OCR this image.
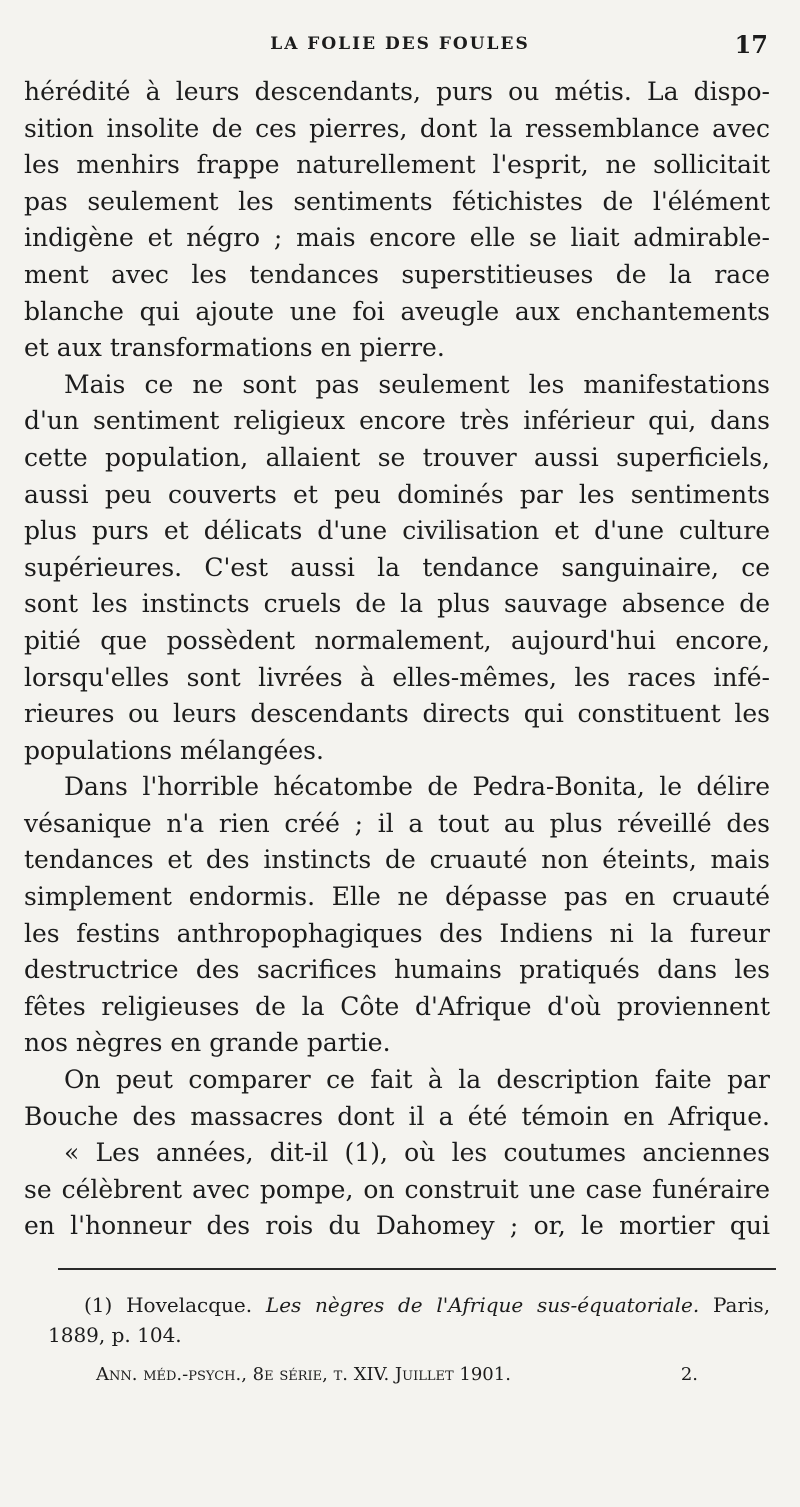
LA FOLIE DES FOULES	17
hérédité à leurs descendants, purs ou métis. La dispo-
sition insolite de ces pierres, dont la ressemblance avec
les menhirs frappe naturellement l'esprit, ne sollicitait
pas seulement les sentiments fétichistes de l'élément
indigène et négro ; mais encore elle se liait admirable-
ment avec les tendances superstitieuses de la race
blanche qui ajoute une foi aveugle aux enchantements
et aux transformations en pierre.
Mais ce ne sont pas seulement les manifestations
d'un sentiment religieux encore très inférieur qui, dans
cette population, allaient se trouver aussi superficiels,
aussi peu couverts et peu dominés par les sentiments
plus purs et délicats d'une civilisation et d'une culture
supérieures. C'est aussi la tendance sanguinaire, ce
sont les instincts cruels de la plus sauvage absence de
pitié que possèdent normalement, aujourd'hui encore,
lorsqu'elles sont livrées à elles-mêmes, les races infé-
rieures ou leurs descendants directs qui constituent les
populations mélangées.
Dans l'horrible hécatombe de Pedra-Bonita, le délire
vésanique n'a rien créé ; il a tout au plus réveillé des
tendances et des instincts de cruauté non éteints, mais
simplement endormis. Elle ne dépasse pas en cruauté
les festins anthropophagiques des Indiens ni la fureur
destructrice des sacrifices humains pratiqués dans les
fêtes religieuses de la Côte d'Afrique d'où proviennent
nos nègres en grande partie.
On peut comparer ce fait à la description faite par
Bouche des massacres dont il a été témoin en Afrique.
« Les années, dit-il (1), où les coutumes anciennes
se célèbrent avec pompe, on construit une case funéraire
en l'honneur des rois du Dahomey ; or, le mortier qui
(1) Hovelacque. Les nègres de l'Afrique sus-équatoriale. Paris,
1889, p. 104.
Ann. méd.-psych., 8e série, t. XIV. Juillet 1901.	2.
